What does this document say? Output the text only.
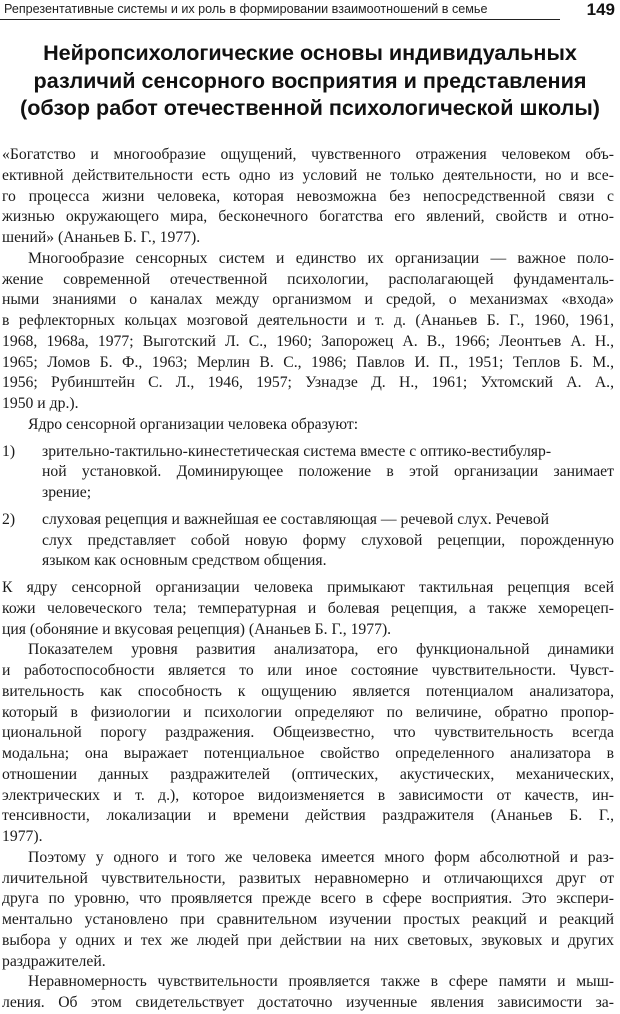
Репрезентативные системы и их роль в формировании взаимоотношений в семье	149
Нейропсихологические основы индивидуальных
различий сенсорного восприятия и представления
(обзор работ отечественной психологической школы)
«Богатство и многообразие ощущений, чувственного отражения человеком объ-
ективной действительности есть одно из условий не только деятельности, но и все-
го процесса жизни человека, которая невозможна без непосредственной связи с
жизнью окружающего мира, бесконечного богатства его явлений, свойств и отно-
шений» (Ананьев Б. Г., 1977).
Многообразие сенсорных систем и единство их организации — важное поло-
жение современной отечественной психологии, располагающей фундаменталь-
ными знаниями о каналах между организмом и средой, о механизмах «входа»
в рефлекторных кольцах мозговой деятельности и т. д. (Ананьев Б. Г., 1960, 1961,
1968, 1968а, 1977; Выготский Л. С., 1960; Запорожец А. В., 1966; Леонтьев А. Н.,
1965; Ломов Б. Ф., 1963; Мерлин В. С., 1986; Павлов И. П., 1951; Теплов Б. М.,
1956; Рубинштейн С. Л., 1946, 1957; Узнадзе Д. Н., 1961; Ухтомский А. А.,
1950 и др.).
Ядро сенсорной организации человека образуют:
1) зрительно-тактильно-кинестетическая система вместе с оптико-вестибуляр-
ной установкой. Доминирующее положение в этой организации занимает
зрение;
2) слуховая рецепция и важнейшая ее составляющая — речевой слух. Речевой
слух представляет собой новую форму слуховой рецепции, порожденную
языком как основным средством общения.
К ядру сенсорной организации человека примыкают тактильная рецепция всей
кожи человеческого тела; температурная и болевая рецепция, а также хеморецеп-
ция (обоняние и вкусовая рецепция) (Ананьев Б. Г., 1977).
Показателем уровня развития анализатора, его функциональной динамики
и работоспособности является то или иное состояние чувствительности. Чувст-
вительность как способность к ощущению является потенциалом анализатора,
который в физиологии и психологии определяют по величине, обратно пропор-
циональной порогу раздражения. Общеизвестно, что чувствительность всегда
модальна; она выражает потенциальное свойство определенного анализатора в
отношении данных раздражителей (оптических, акустических, механических,
электрических и т. д.), которое видоизменяется в зависимости от качеств, ин-
тенсивности, локализации и времени действия раздражителя (Ананьев Б. Г.,
1977).
Поэтому у одного и того же человека имеется много форм абсолютной и раз-
личительной чувствительности, развитых неравномерно и отличающихся друг от
друга по уровню, что проявляется прежде всего в сфере восприятия. Это экспери-
ментально установлено при сравнительном изучении простых реакций и реакций
выбора у одних и тех же людей при действии на них световых, звуковых и других
раздражителей.
Неравномерность чувствительности проявляется также в сфере памяти и мыш-
ления. Об этом свидетельствует достаточно изученные явления зависимости за-
